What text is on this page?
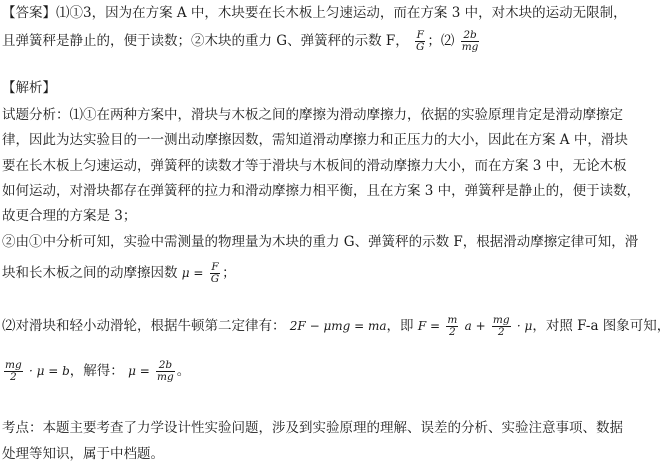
【答案】⑴①3，因为在方案 A 中，木块要在长木板上匀速运动，而在方案 3 中，对木块的运动无限制，
且弹簧秤是静止的，便于读数；②木块的重力 G、弹簧秤的示数 F， $\frac{F}{G}$ ；⑵ $\frac{2b}{mg}$
【解析】
试题分析：⑴①在两种方案中，滑块与木板之间的摩擦为滑动摩擦力，依据的实验原理肯定是滑动摩擦定
律，因此为达实验目的一一测出动摩擦因数，需知道滑动摩擦力和正压力的大小，因此在方案 A 中，滑块
要在长木板上匀速运动，弹簧秤的读数才等于滑块与木板间的滑动摩擦力大小，而在方案 3 中，无论木板
如何运动，对滑块都存在弹簧秤的拉力和滑动摩擦力相平衡，且在方案 3 中，弹簧秤是静止的，便于读数，
故更合理的方案是 3；
②由①中分析可知，实验中需测量的物理量为木块的重力 G、弹簧秤的示数 F，根据滑动摩擦定律可知，滑
块和长木板之间的动摩擦因数 $\mu = \frac{F}{G}$ ；
⑵对滑块和轻小动滑轮，根据牛顿第二定律有： 2F − μmg = ma，即 $F = \frac{m}{2}$ $a + \frac{mg}{2} \cdot \mu$，对照 F-a 图象可知，
$\frac{mg}{2} \cdot \mu = b$，解得： $\mu = \frac{2b}{mg}$ 。
考点：本题主要考查了力学设计性实验问题，涉及到实验原理的理解、误差的分析、实验注意事项、数据
处理等知识，属于中档题。
